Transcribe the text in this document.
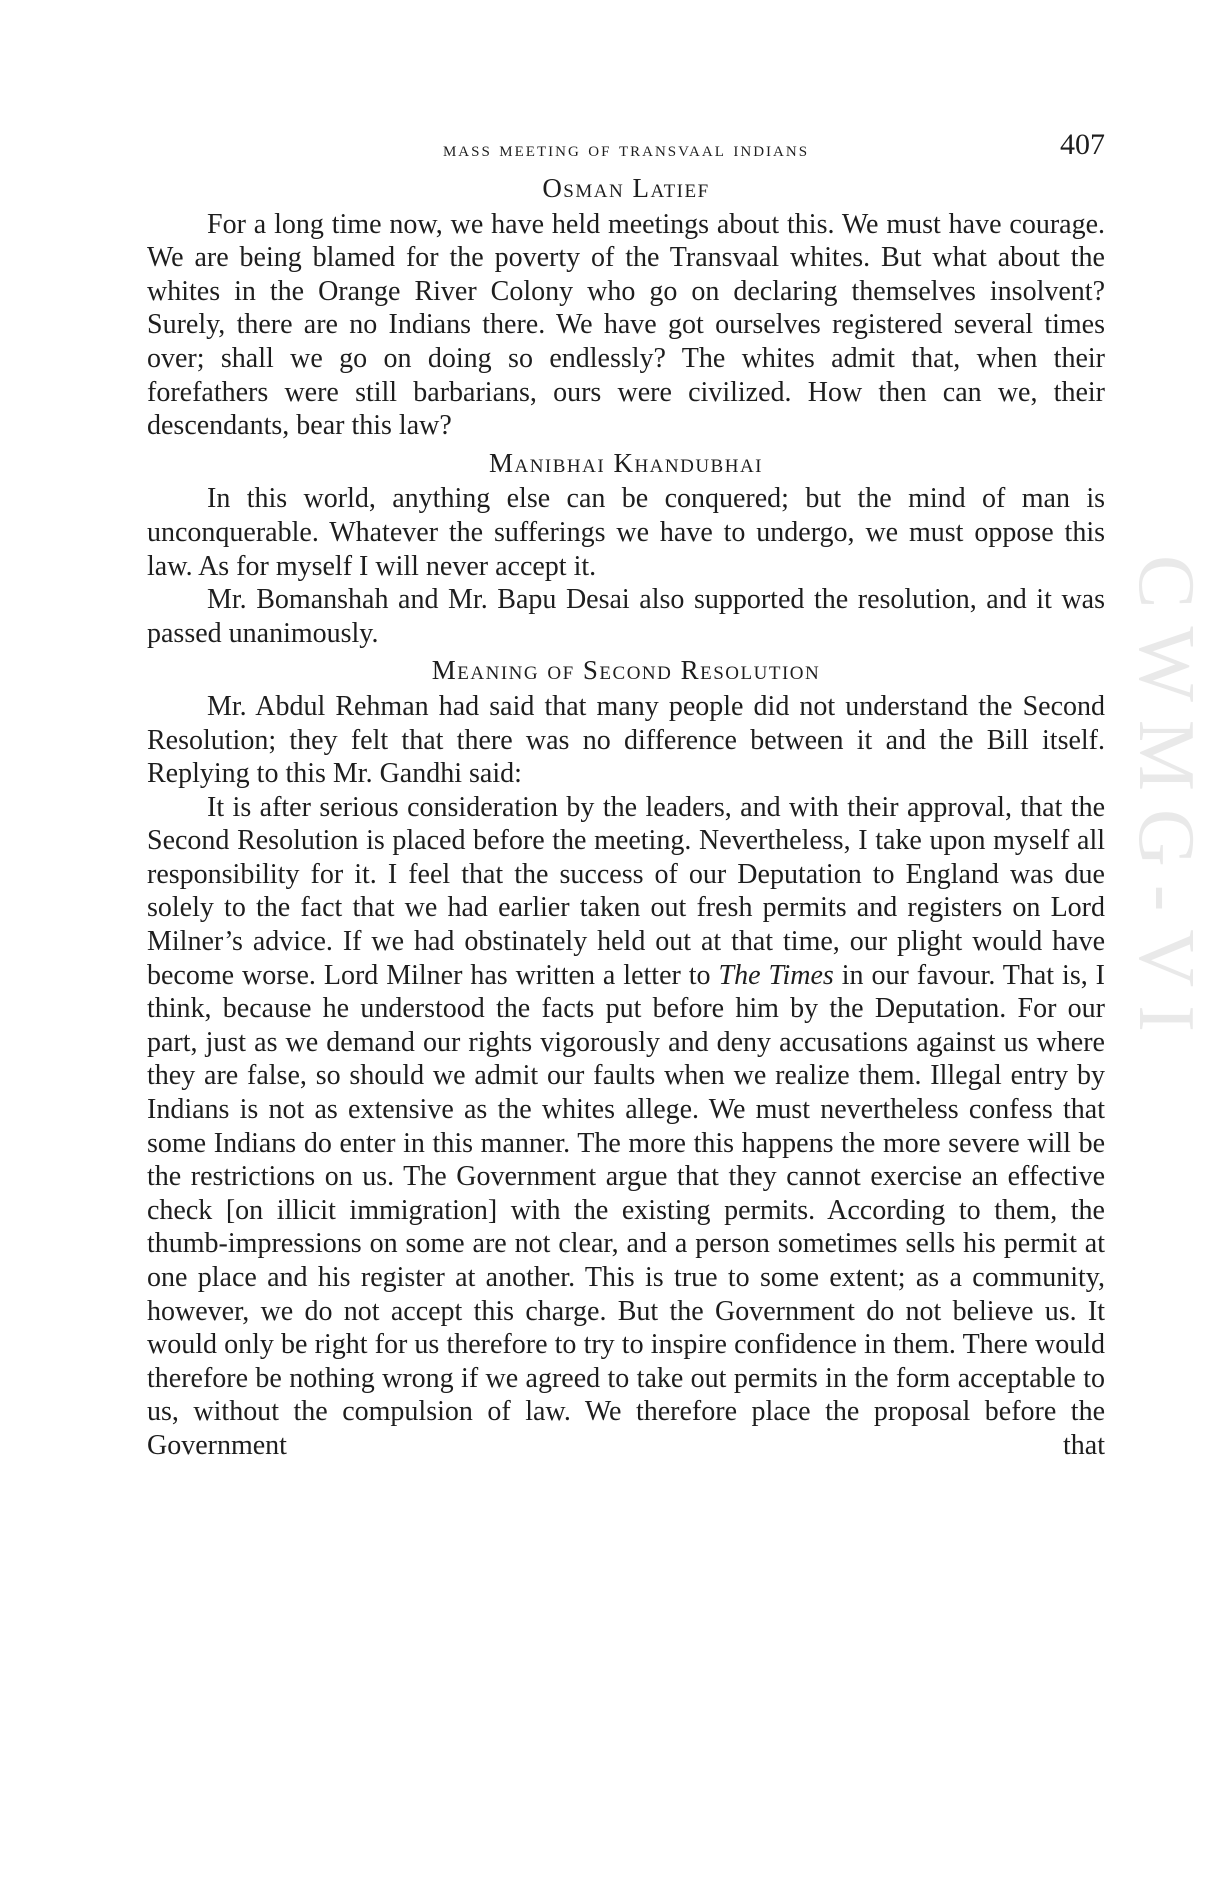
mass meeting of transvaal indians	407
Osman Latief

For a long time now, we have held meetings about this. We must have courage. We are being blamed for the poverty of the Transvaal whites. But what about the whites in the Orange River Colony who go on declaring themselves insolvent? Surely, there are no Indians there. We have got ourselves registered several times over; shall we go on doing so endlessly? The whites admit that, when their forefathers were still barbarians, ours were civilized. How then can we, their descendants, bear this law?

Manibhai Khandubhai

In this world, anything else can be conquered; but the mind of man is unconquerable. Whatever the sufferings we have to undergo, we must oppose this law. As for myself I will never accept it.

Mr. Bomanshah and Mr. Bapu Desai also supported the resolution, and it was passed unanimously.

Meaning of Second Resolution

Mr. Abdul Rehman had said that many people did not understand the Second Resolution; they felt that there was no difference between it and the Bill itself. Replying to this Mr. Gandhi said:

It is after serious consideration by the leaders, and with their approval, that the Second Resolution is placed before the meeting. Nevertheless, I take upon myself all responsibility for it. I feel that the success of our Deputation to England was due solely to the fact that we had earlier taken out fresh permits and registers on Lord Milner’s advice. If we had obstinately held out at that time, our plight would have become worse. Lord Milner has written a letter to The Times in our favour. That is, I think, because he understood the facts put before him by the Deputation. For our part, just as we demand our rights vigorously and deny accusations against us where they are false, so should we admit our faults when we realize them. Illegal entry by Indians is not as extensive as the whites allege. We must nevertheless confess that some Indians do enter in this manner. The more this happens the more severe will be the restrictions on us. The Government argue that they cannot exercise an effective check [on illicit immigration] with the existing permits. According to them, the thumb-impressions on some are not clear, and a person sometimes sells his permit at one place and his register at another. This is true to some extent; as a community, however, we do not accept this charge. But the Government do not believe us. It would only be right for us therefore to try to inspire confidence in them. There would therefore be nothing wrong if we agreed to take out permits in the form acceptable to us, without the compulsion of law. We therefore place the proposal before the Government that

CWMG-VI
